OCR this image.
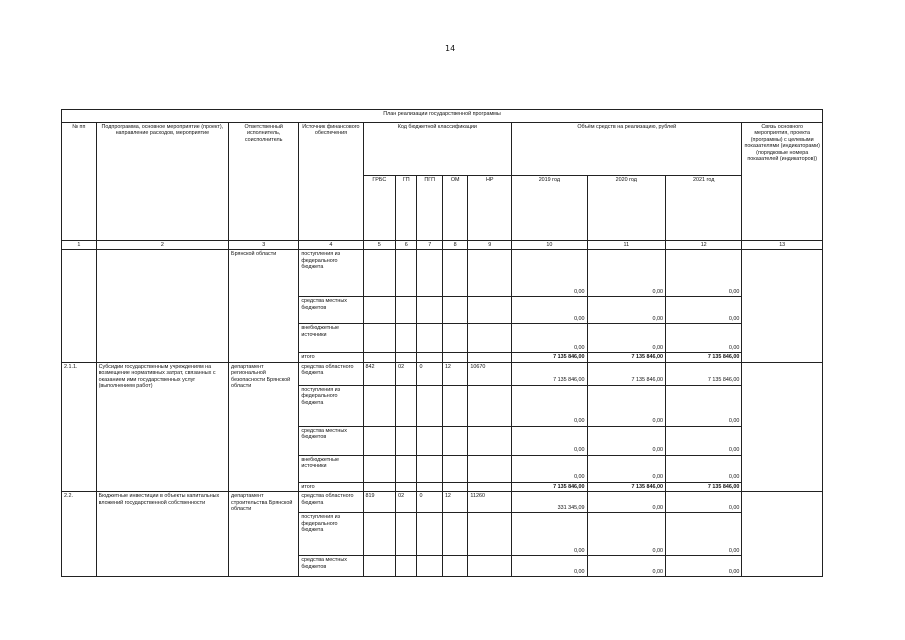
14
План реализации государственной программы												
№ пп	Подпрограмма, основное мероприятие (проект), направление расходов, мероприятие	Ответственный исполнитель, соисполнитель	Источник финансового обеспечения	Код бюджетной классификации					Объём средств на реализацию, рублей			Связь основного мероприятия, проекта (программы) с целевыми показателями (индикаторами) (порядковые номера показателей (индикаторов))
				ГРБС	ГП	ПГП	ОМ	НР	2019 год	2020 год	2021 год	
1	2	3	4	5	6	7	8	9	10	11	12	13
		Брянской области	поступления из федерального бюджета						0,00	0,00	0,00	
			средства местных бюджетов						0,00	0,00	0,00	
			внебюджетные источники						0,00	0,00	0,00	
			итого						7 135 846,00	7 135 846,00	7 135 846,00	
2.1.1.	Субсидии государственным учреждениям на возмещение нормативных затрат, связанных с оказанием ими государственных услуг (выполнением работ)	департамент региональной безопасности Брянской области	средства областного бюджета	842	02	0	12	10670	7 135 846,00	7 135 846,00	7 135 846,00	
			поступления из федерального бюджета						0,00	0,00	0,00	
			средства местных бюджетов						0,00	0,00	0,00	
			внебюджетные источники						0,00	0,00	0,00	
			итого						7 135 846,00	7 135 846,00	7 135 846,00	
2.2.	Бюджетные инвестиции в объекты капитальных вложений государственной собственности	департамент строительства Брянской области	средства областного бюджета	819	02	0	12	11260	331 345,09	0,00	0,00	
			поступления из федерального бюджета						0,00	0,00	0,00	
			средства местных бюджетов						0,00	0,00	0,00	
